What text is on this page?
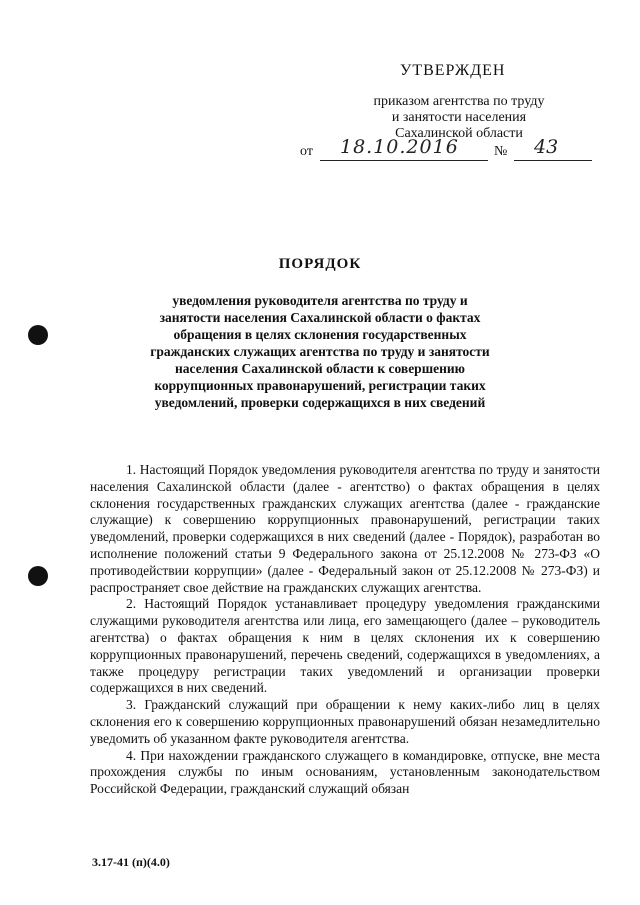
УТВЕРЖДЕН
приказом агентства по труду
и занятости населения
Сахалинской области
от 18.10.2016	№ 43
ПОРЯДОК
уведомления руководителя агентства по труду и занятости населения Сахалинской области о фактах обращения в целях склонения государственных гражданских служащих агентства по труду и занятости населения Сахалинской области к совершению коррупционных правонарушений, регистрации таких уведомлений, проверки содержащихся в них сведений

1. Настоящий Порядок уведомления руководителя агентства по труду и занятости населения Сахалинской области (далее - агентство) о фактах обращения в целях склонения государственных гражданских служащих агентства (далее - гражданские служащие) к совершению коррупционных правонарушений, регистрации таких уведомлений, проверки содержащихся в них сведений (далее - Порядок), разработан во исполнение положений статьи 9 Федерального закона от 25.12.2008 № 273-ФЗ «О противодействии коррупции» (далее - Федеральный закон от 25.12.2008 № 273-ФЗ) и распространяет свое действие на гражданских служащих агентства.

2. Настоящий Порядок устанавливает процедуру уведомления гражданскими служащими руководителя агентства или лица, его замещающего (далее – руководитель агентства) о фактах обращения к ним в целях склонения их к совершению коррупционных правонарушений, перечень сведений, содержащихся в уведомлениях, а также процедуру регистрации таких уведомлений и организации проверки содержащихся в них сведений.

3. Гражданский служащий при обращении к нему каких-либо лиц в целях склонения его к совершению коррупционных правонарушений обязан незамедлительно уведомить об указанном факте руководителя агентства.

4. При нахождении гражданского служащего в командировке, отпуске, вне места прохождения службы по иным основаниям, установленным законодательством Российской Федерации, гражданский служащий обязан

3.17-41 (п)(4.0)
